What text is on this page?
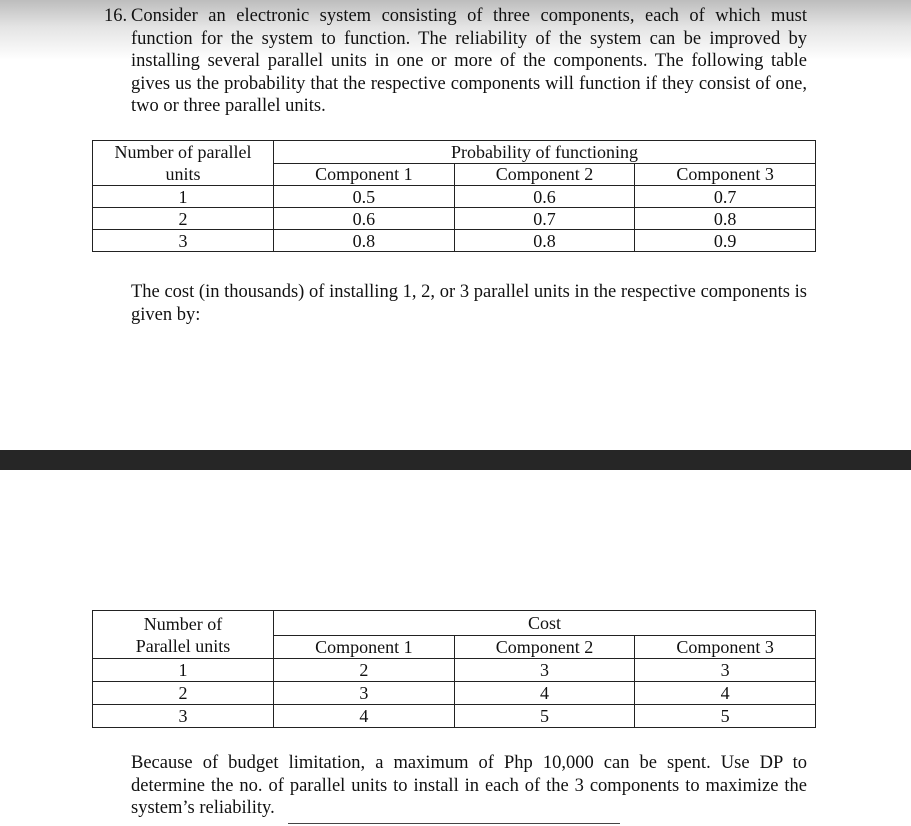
16. Consider an electronic system consisting of three components, each of which must function for the system to function. The reliability of the system can be improved by installing several parallel units in one or more of the components. The following table gives us the probability that the respective components will function if they consist of one, two or three parallel units.

Number of parallel
units	Probability of functioning		
	Component 1	Component 2	Component 3
1	0.5	0.6	0.7
2	0.6	0.7	0.8
3	0.8	0.8	0.9

The cost (in thousands) of installing 1, 2, or 3 parallel units in the respective components is given by:

Number of
Parallel units	Cost		
	Component 1	Component 2	Component 3
1	2	3	3
2	3	4	4
3	4	5	5

Because of budget limitation, a maximum of Php 10,000 can be spent. Use DP to determine the no. of parallel units to install in each of the 3 components to maximize the system’s reliability.
